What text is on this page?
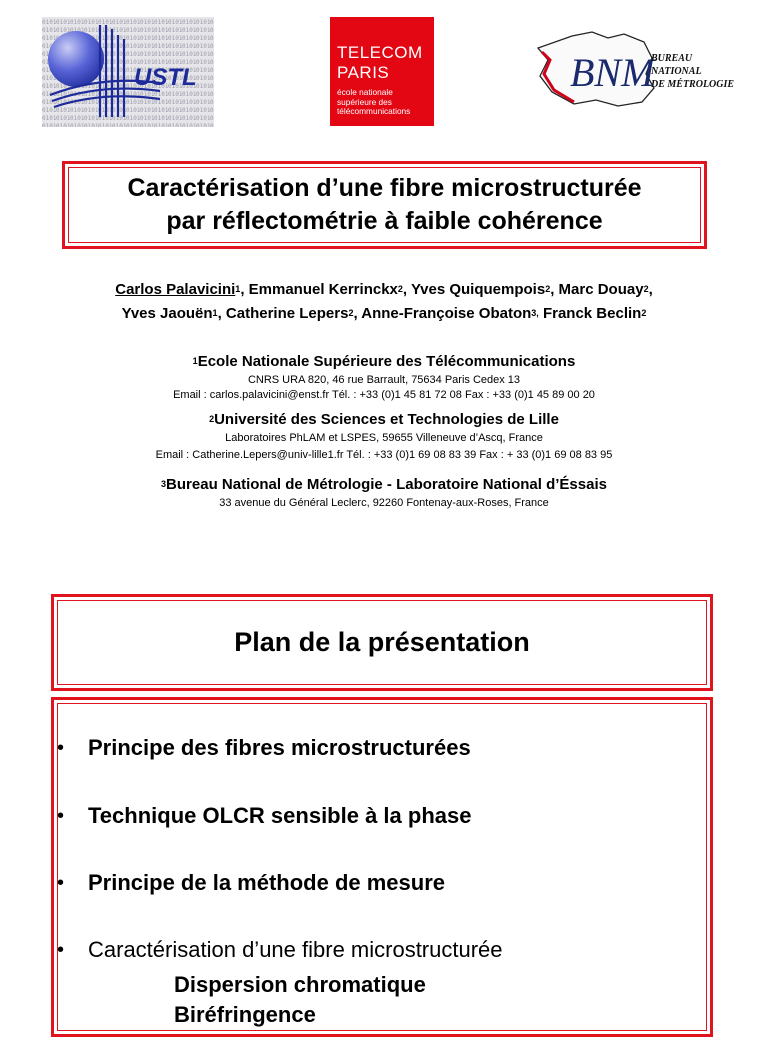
USTL
TELECOM
PARIS
école nationale
supérieure des
télécommunications
BNM
BUREAU
NATIONAL
DE MÉTROLOGIE
Caractérisation d’une fibre microstructurée
par réflectométrie à faible cohérence
Carlos Palavicini$^1$, Emmanuel Kerrinckx$^2$, Yves Quiquempois$^2$, Marc Douay$^2$,
Yves Jaouën$^1$, Catherine Lepers$^2$, Anne-Françoise Obaton$^{3,}$ Franck Beclin$^2$
$^1$Ecole Nationale Supérieure des Télécommunications
CNRS URA 820, 46 rue Barrault, 75634 Paris Cedex 13
Email : carlos.palavicini@enst.fr Tél. : +33 (0)1 45 81 72 08 Fax : +33 (0)1 45 89 00 20
$^2$Université des Sciences et Technologies de Lille
Laboratoires PhLAM et LSPES, 59655 Villeneuve d’Ascq, France
Email : Catherine.Lepers@univ-lille1.fr Tél. : +33 (0)1 69 08 83 39 Fax : + 33 (0)1 69 08 83 95
$^3$Bureau National de Métrologie - Laboratoire National d’Éssais
33 avenue du Général Leclerc, 92260 Fontenay-aux-Roses, France
Plan de la présentation
• Principe des fibres microstructurées
• Technique OLCR sensible à la phase
• Principe de la méthode de mesure
• Caractérisation d’une fibre microstructurée
Dispersion chromatique
Biréfringence
